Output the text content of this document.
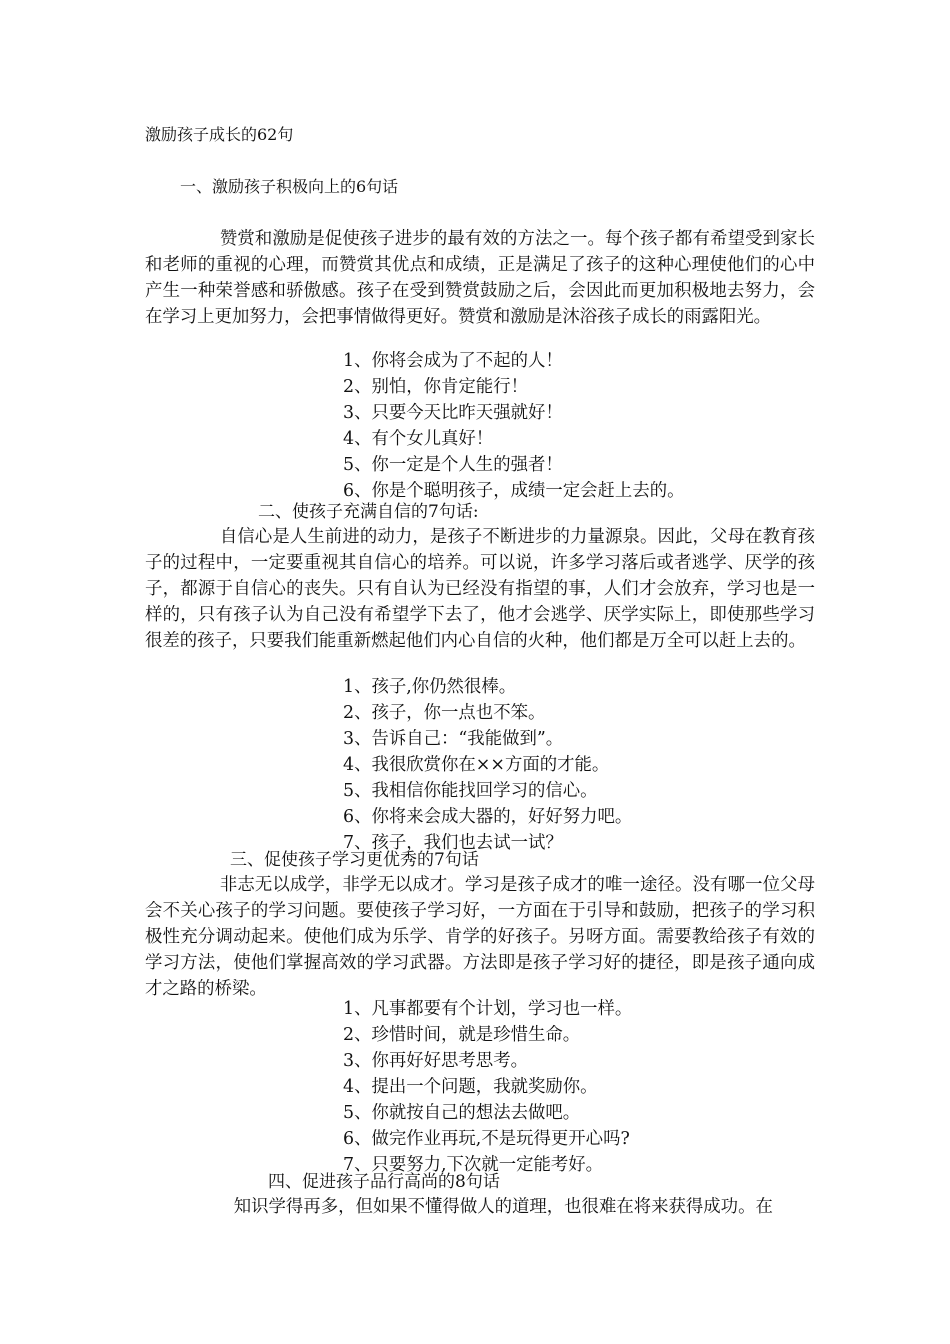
激励孩子成长的62句
一、激励孩子积极向上的6句话

赞赏和激励是促使孩子进步的最有效的方法之一。每个孩子都有希望受到家长和老师的重视的心理，而赞赏其优点和成绩，正是满足了孩子的这种心理使他们的心中产生一种荣誉感和骄傲感。孩子在受到赞赏鼓励之后，会因此而更加积极地去努力，会在学习上更加努力，会把事情做得更好。赞赏和激励是沐浴孩子成长的雨露阳光。

1、你将会成为了不起的人！
2、别怕，你肯定能行！
3、只要今天比昨天强就好！
4、有个女儿真好！
5、你一定是个人生的强者！
6、你是个聪明孩子，成绩一定会赶上去的。
二、使孩子充满自信的7句话:

自信心是人生前进的动力，是孩子不断进步的力量源泉。因此，父母在教育孩子的过程中，一定要重视其自信心的培养。可以说，许多学习落后或者逃学、厌学的孩子，都源于自信心的丧失。只有自认为已经没有指望的事，人们才会放弃，学习也是一样的，只有孩子认为自己没有希望学下去了，他才会逃学、厌学实际上，即使那些学习很差的孩子，只要我们能重新燃起他们内心自信的火种，他们都是万全可以赶上去的。

1、孩子,你仍然很棒。
2、孩子，你一点也不笨。
3、告诉自己：“我能做到”。
4、我很欣赏你在××方面的才能。
5、我相信你能找回学习的信心。
6、你将来会成大器的，好好努力吧。
7、孩子，我们也去试一试？
三、促使孩子学习更优秀的7句话

非志无以成学，非学无以成才。学习是孩子成才的唯一途径。没有哪一位父母会不关心孩子的学习问题。要使孩子学习好，一方面在于引导和鼓励，把孩子的学习积极性充分调动起来。使他们成为乐学、肯学的好孩子。另呀方面。需要教给孩子有效的学习方法，使他们掌握高效的学习武器。方法即是孩子学习好的捷径，即是孩子通向成才之路的桥梁。

1、凡事都要有个计划，学习也一样。
2、珍惜时间，就是珍惜生命。
3、你再好好思考思考。
4、提出一个问题，我就奖励你。
5、你就按自己的想法去做吧。
6、做完作业再玩,不是玩得更开心吗?
7、只要努力,下次就一定能考好。
四、促进孩子品行高尚的8句话

知识学得再多，但如果不懂得做人的道理，也很难在将来获得成功。在
